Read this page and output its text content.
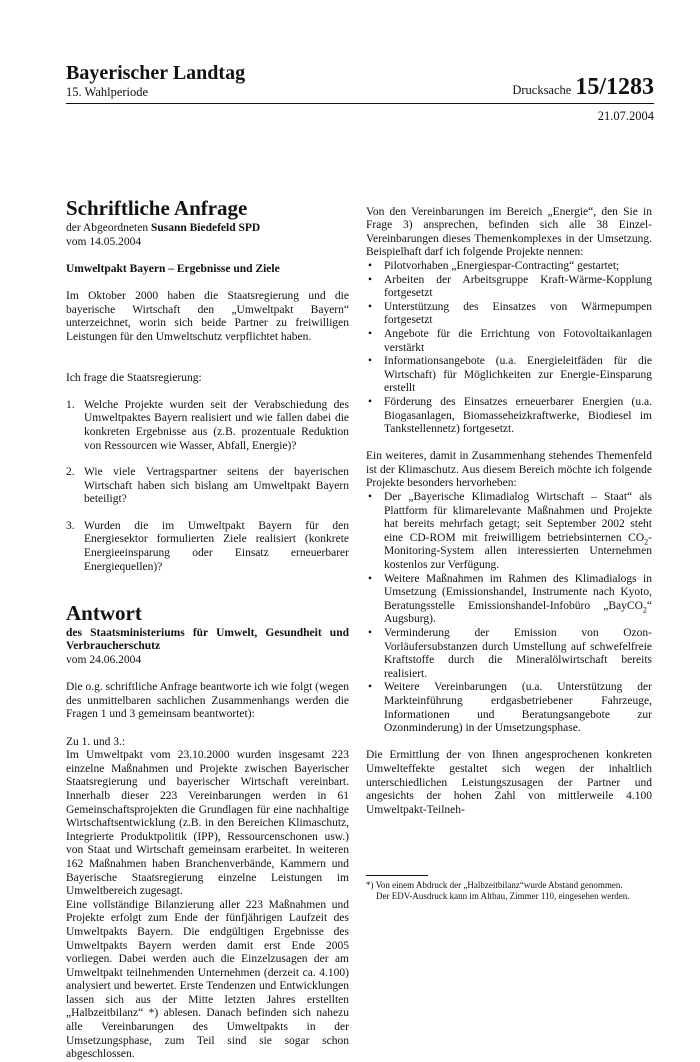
Bayerischer Landtag
15. Wahlperiode	Drucksache 15/1283
21.07.2004
Schriftliche Anfrage

der Abgeordneten Susann Biedefeld SPD

vom 14.05.2004

Umweltpakt Bayern – Ergebnisse und Ziele

Im Oktober 2000 haben die Staatsregierung und die bayerische Wirtschaft den „Umweltpakt Bayern“ unterzeichnet, worin sich beide Partner zu freiwilligen Leistungen für den Umweltschutz verpflichtet haben.

Ich frage die Staatsregierung:

1. Welche Projekte wurden seit der Verabschiedung des Umweltpaktes Bayern realisiert und wie fallen dabei die konkreten Ergebnisse aus (z.B. prozentuale Reduktion von Ressourcen wie Wasser, Abfall, Energie)?
2. Wie viele Vertragspartner seitens der bayerischen Wirtschaft haben sich bislang am Umweltpakt Bayern beteiligt?
3. Wurden die im Umweltpakt Bayern für den Energiesektor formulierten Ziele realisiert (konkrete Energieeinsparung oder Einsatz erneuerbarer Energiequellen)?
Antwort

des Staatsministeriums für Umwelt, Gesundheit und Verbraucherschutz

vom 24.06.2004

Die o.g. schriftliche Anfrage beantworte ich wie folgt (wegen des unmittelbaren sachlichen Zusammenhangs werden die Fragen 1 und 3 gemeinsam beantwortet):

Zu 1. und 3.:

Im Umweltpakt vom 23.10.2000 wurden insgesamt 223 einzelne Maßnahmen und Projekte zwischen Bayerischer Staatsregierung und bayerischer Wirtschaft vereinbart. Innerhalb dieser 223 Vereinbarungen werden in 61 Gemeinschaftsprojekten die Grundlagen für eine nachhaltige Wirtschaftsentwicklung (z.B. in den Bereichen Klimaschutz, Integrierte Produktpolitik (IPP), Ressourcenschonen usw.) von Staat und Wirtschaft gemeinsam erarbeitet. In weiteren 162 Maßnahmen haben Branchenverbände, Kammern und Bayerische Staatsregierung einzelne Leistungen im Umweltbereich zugesagt.

Eine vollständige Bilanzierung aller 223 Maßnahmen und Projekte erfolgt zum Ende der fünfjährigen Laufzeit des Umweltpakts Bayern. Die endgültigen Ergebnisse des Umweltpakts Bayern werden damit erst Ende 2005 vorliegen. Dabei werden auch die Einzelzusagen der am Umweltpakt teilnehmenden Unternehmen (derzeit ca. 4.100) analysiert und bewertet. Erste Tendenzen und Entwicklungen lassen sich aus der Mitte letzten Jahres erstellten „Halbzeitbilanz“ *) ablesen. Danach befinden sich nahezu alle Vereinbarungen des Umweltpakts in der Umsetzungsphase, zum Teil sind sie sogar schon abgeschlossen.

Von den Vereinbarungen im Bereich „Energie“, den Sie in Frage 3) ansprechen, befinden sich alle 38 Einzel-Vereinbarungen dieses Themenkomplexes in der Umsetzung. Beispielhaft darf ich folgende Projekte nennen:

• Pilotvorhaben „Energiespar-Contracting“ gestartet;
• Arbeiten der Arbeitsgruppe Kraft-Wärme-Kopplung fortgesetzt
• Unterstützung des Einsatzes von Wärmepumpen fortgesetzt
• Angebote für die Errichtung von Fotovoltaikanlagen verstärkt
• Informationsangebote (u.a. Energieleitfäden für die Wirtschaft) für Möglichkeiten zur Energie-Einsparung erstellt
• Förderung des Einsatzes erneuerbarer Energien (u.a. Biogasanlagen, Biomasseheizkraftwerke, Biodiesel im Tankstellennetz) fortgesetzt.

Ein weiteres, damit in Zusammenhang stehendes Themenfeld ist der Klimaschutz. Aus diesem Bereich möchte ich folgende Projekte besonders hervorheben:

• Der „Bayerische Klimadialog Wirtschaft – Staat“ als Plattform für klimarelevante Maßnahmen und Projekte hat bereits mehrfach getagt; seit September 2002 steht eine CD-ROM mit freiwilligem betriebsinternen $CO_2-Monitoring$-System allen interessierten Unternehmen kostenlos zur Verfügung.
• Weitere Maßnahmen im Rahmen des Klimadialogs in Umsetzung (Emissionshandel, Instrumente nach Kyoto, Beratungsstelle Emissionshandel-Infobüro „BayCO$_2$“ Augsburg).
• Verminderung der Emission von Ozon-Vorläufersubstanzen durch Umstellung auf schwefelfreie Kraftstoffe durch die Mineralölwirtschaft bereits realisiert.
• Weitere Vereinbarungen (u.a. Unterstützung der Markteinführung erdgasbetriebener Fahrzeuge, Informationen und Beratungsangebote zur Ozonminderung) in der Umsetzungsphase.

Die Ermittlung der von Ihnen angesprochenen konkreten Umwelteffekte gestaltet sich wegen der inhaltlich unterschiedlichen Leistungszusagen der Partner und angesichts der hohen Zahl von mittlerweile 4.100 Umweltpakt-Teilneh-

*) Von einem Abdruck der „Halbzeitbilanz“wurde Abstand genommen.
Der EDV-Ausdruck kann im Altbau, Zimmer 110, eingesehen werden.
